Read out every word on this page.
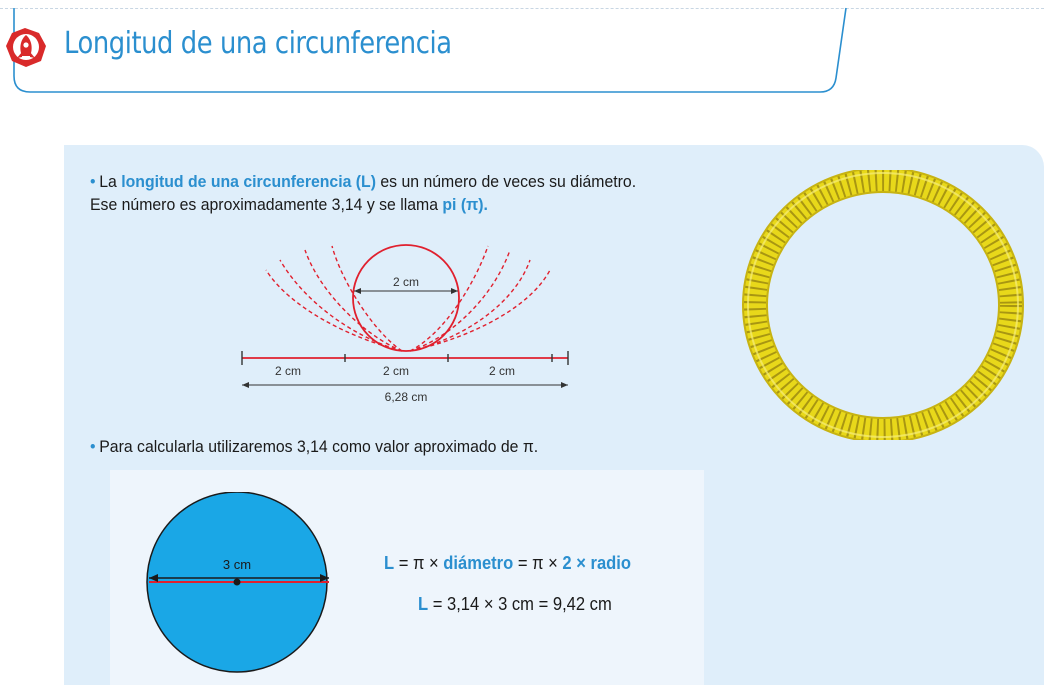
Longitud de una circunferencia
• La longitud de una circunferencia (L) es un número de veces su diámetro. Ese número es aproximadamente 3,14 y se llama pi (π).
2 cm
2 cm	2 cm	2 cm
6,28 cm
• Para calcularla utilizaremos 3,14 como valor aproximado de π.
3 cm	L = π × diámetro = π × 2 × radio
L = 3,14 × 3 cm = 9,42 cm
